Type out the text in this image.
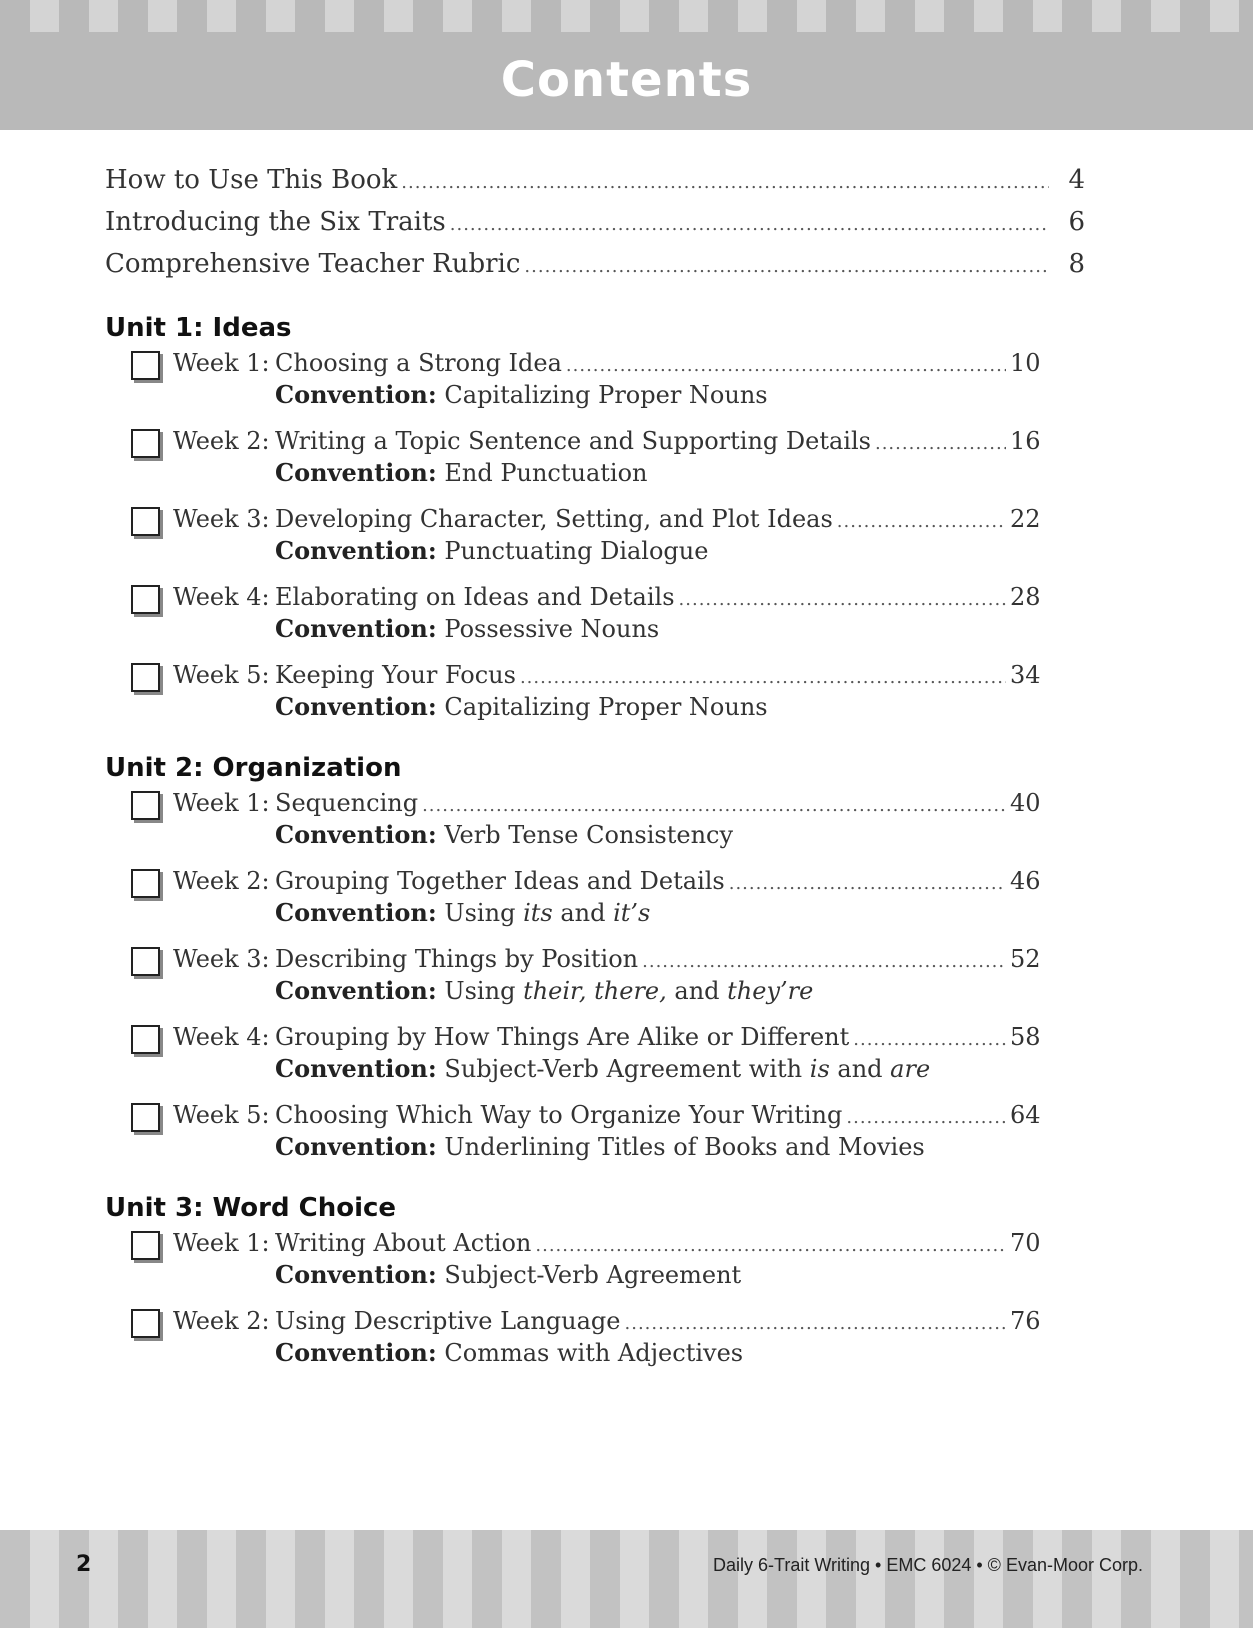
Contents
How to Use This Book .....	4
Introducing the Six Traits .....	6
Comprehensive Teacher Rubric .....	8
Unit 1: Ideas
Week 1: Choosing a Strong Idea .....	10
Convention: Capitalizing Proper Nouns
Week 2: Writing a Topic Sentence and Supporting Details .....	16
Convention: End Punctuation
Week 3: Developing Character, Setting, and Plot Ideas .....	22
Convention: Punctuating Dialogue
Week 4: Elaborating on Ideas and Details .....	28
Convention: Possessive Nouns
Week 5: Keeping Your Focus .....	34
Convention: Capitalizing Proper Nouns
Unit 2: Organization
Week 1: Sequencing .....	40
Convention: Verb Tense Consistency
Week 2: Grouping Together Ideas and Details .....	46
Convention: Using its and it’s
Week 3: Describing Things by Position .....	52
Convention: Using their, there, and they’re
Week 4: Grouping by How Things Are Alike or Different .....	58
Convention: Subject-Verb Agreement with is and are
Week 5: Choosing Which Way to Organize Your Writing .....	64
Convention: Underlining Titles of Books and Movies
Unit 3: Word Choice
Week 1: Writing About Action .....	70
Convention: Subject-Verb Agreement
Week 2: Using Descriptive Language .....	76
Convention: Commas with Adjectives
2	Daily 6-Trait Writing • EMC 6024 • © Evan-Moor Corp.
